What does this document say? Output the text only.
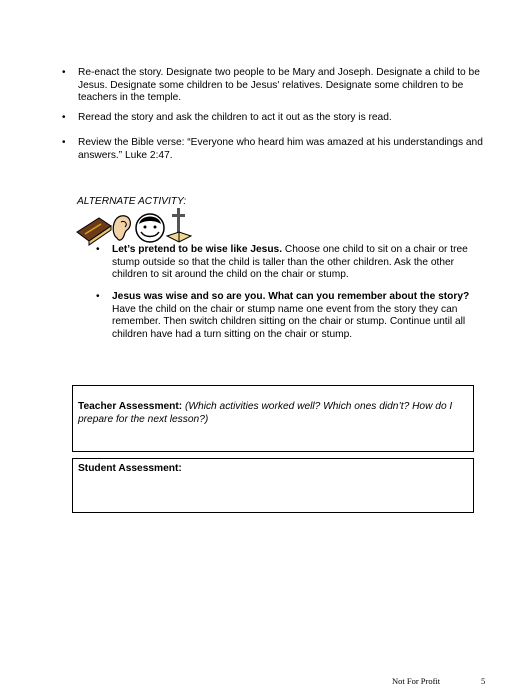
• Re-enact the story. Designate two people to be Mary and Joseph. Designate a child to be Jesus. Designate some children to be Jesus' relatives. Designate some children to be teachers in the temple.
• Reread the story and ask the children to act it out as the story is read.
• Review the Bible verse: “Everyone who heard him was amazed at his understandings and answers.” Luke 2:47.
ALTERNATE ACTIVITY:
• Let’s pretend to be wise like Jesus. Choose one child to sit on a chair or tree stump outside so that the child is taller than the other children. Ask the other children to sit around the child on the chair or stump.
• Jesus was wise and so are you. What can you remember about the story? Have the child on the chair or stump name one event from the story they can remember. Then switch children sitting on the chair or stump. Continue until all children have had a turn sitting on the chair or stump.
Teacher Assessment: (Which activities worked well? Which ones didn’t? How do I prepare for the next lesson?)
Student Assessment:
Not For Profit	5
